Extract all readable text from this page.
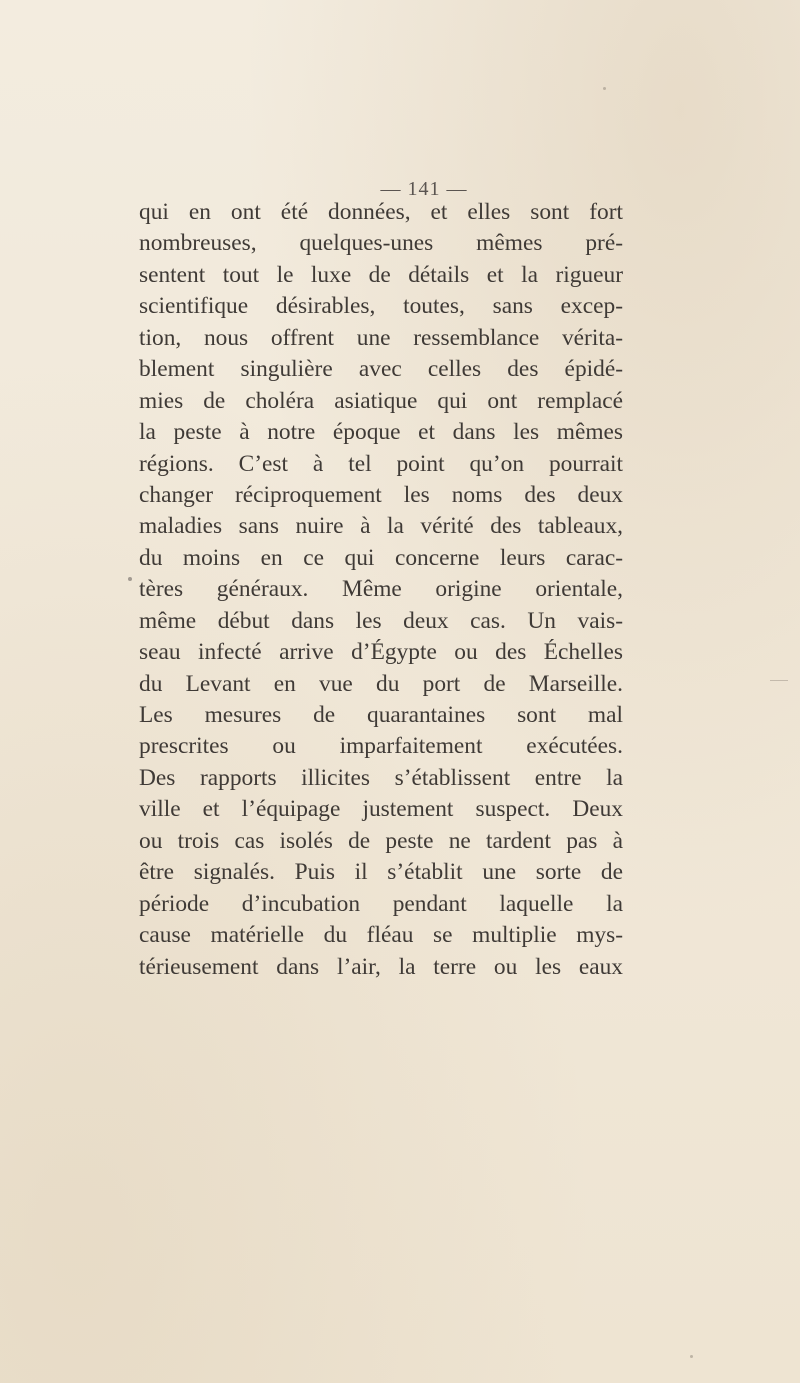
— 141 —
qui en ont été données, et elles sont fort
nombreuses, quelques-unes mêmes pré-
sentent tout le luxe de détails et la rigueur
scientifique désirables, toutes, sans excep-
tion, nous offrent une ressemblance vérita-
blement singulière avec celles des épidé-
mies de choléra asiatique qui ont remplacé
la peste à notre époque et dans les mêmes
régions. C’est à tel point qu’on pourrait
changer réciproquement les noms des deux
maladies sans nuire à la vérité des tableaux,
du moins en ce qui concerne leurs carac-
tères généraux. Même origine orientale,
même début dans les deux cas. Un vais-
seau infecté arrive d’Égypte ou des Échelles
du Levant en vue du port de Marseille.
Les mesures de quarantaines sont mal
prescrites ou imparfaitement exécutées.
Des rapports illicites s’établissent entre la
ville et l’équipage justement suspect. Deux
ou trois cas isolés de peste ne tardent pas à
être signalés. Puis il s’établit une sorte de
période d’incubation pendant laquelle la
cause matérielle du fléau se multiplie mys-
térieusement dans l’air, la terre ou les eaux
